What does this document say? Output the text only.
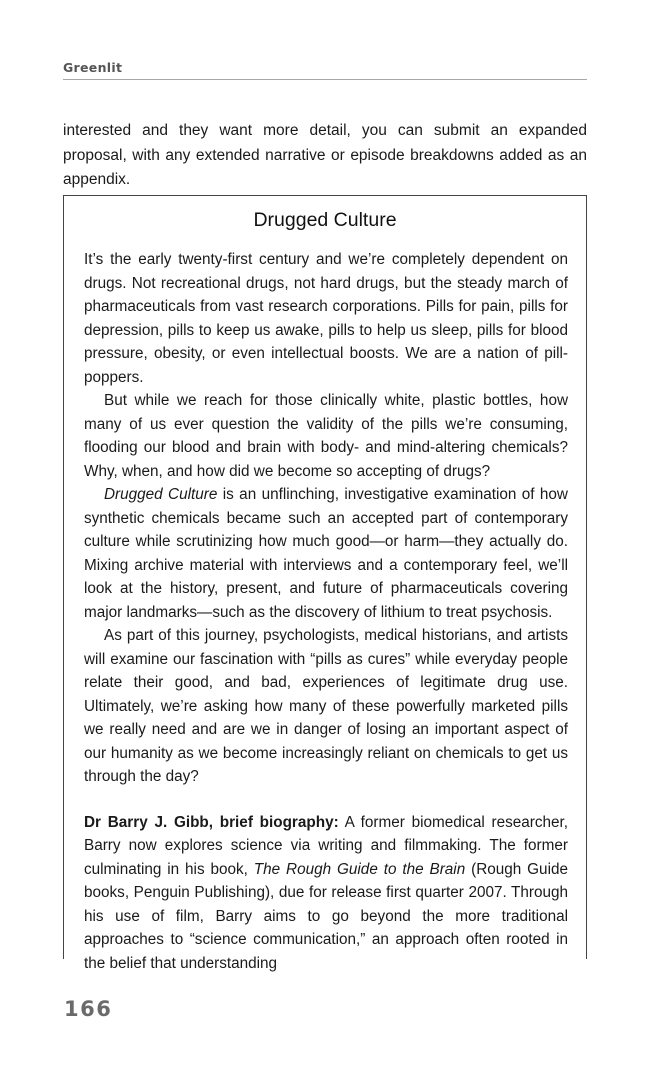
Greenlit

interested and they want more detail, you can submit an expanded proposal, with any extended narrative or episode breakdowns added as an appendix.

Drugged Culture

It’s the early twenty-first century and we’re completely dependent on drugs. Not recreational drugs, not hard drugs, but the steady march of pharmaceuticals from vast research corporations. Pills for pain, pills for depression, pills to keep us awake, pills to help us sleep, pills for blood pressure, obesity, or even intellectual boosts. We are a nation of pill-poppers.

But while we reach for those clinically white, plastic bottles, how many of us ever question the validity of the pills we’re consuming, flooding our blood and brain with body- and mind-altering chemicals? Why, when, and how did we become so accepting of drugs?

Drugged Culture is an unflinching, investigative examination of how synthetic chemicals became such an accepted part of contemporary culture while scrutinizing how much good—or harm—they actually do. Mixing archive material with interviews and a contemporary feel, we’ll look at the history, present, and future of pharmaceuticals covering major landmarks—such as the discovery of lithium to treat psychosis.

As part of this journey, psychologists, medical historians, and artists will examine our fascination with “pills as cures” while everyday people relate their good, and bad, experiences of legitimate drug use. Ultimately, we’re asking how many of these powerfully marketed pills we really need and are we in danger of losing an important aspect of our humanity as we become increasingly reliant on chemicals to get us through the day?

Dr Barry J. Gibb, brief biography: A former biomedical researcher, Barry now explores science via writing and filmmaking. The former culminating in his book, The Rough Guide to the Brain (Rough Guide books, Penguin Publishing), due for release first quarter 2007. Through his use of film, Barry aims to go beyond the more traditional approaches to “science communication,” an approach often rooted in the belief that understanding

166
